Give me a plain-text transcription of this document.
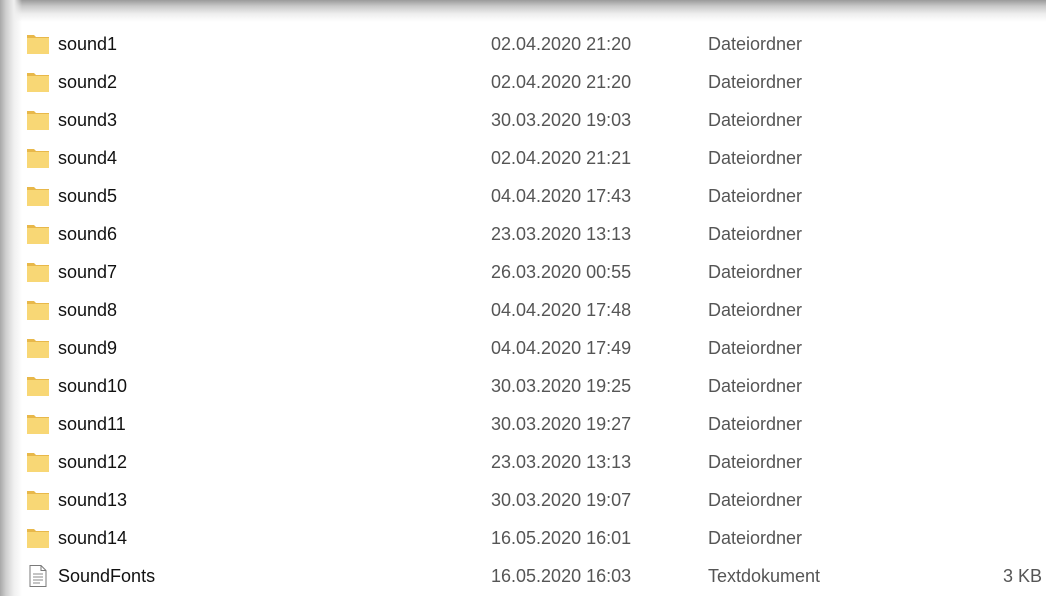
sound1	02.04.2020 21:20	Dateiordner
sound2	02.04.2020 21:20	Dateiordner
sound3	30.03.2020 19:03	Dateiordner
sound4	02.04.2020 21:21	Dateiordner
sound5	04.04.2020 17:43	Dateiordner
sound6	23.03.2020 13:13	Dateiordner
sound7	26.03.2020 00:55	Dateiordner
sound8	04.04.2020 17:48	Dateiordner
sound9	04.04.2020 17:49	Dateiordner
sound10	30.03.2020 19:25	Dateiordner
sound11	30.03.2020 19:27	Dateiordner
sound12	23.03.2020 13:13	Dateiordner
sound13	30.03.2020 19:07	Dateiordner
sound14	16.05.2020 16:01	Dateiordner
SoundFonts	16.05.2020 16:03	Textdokument	3 KB
